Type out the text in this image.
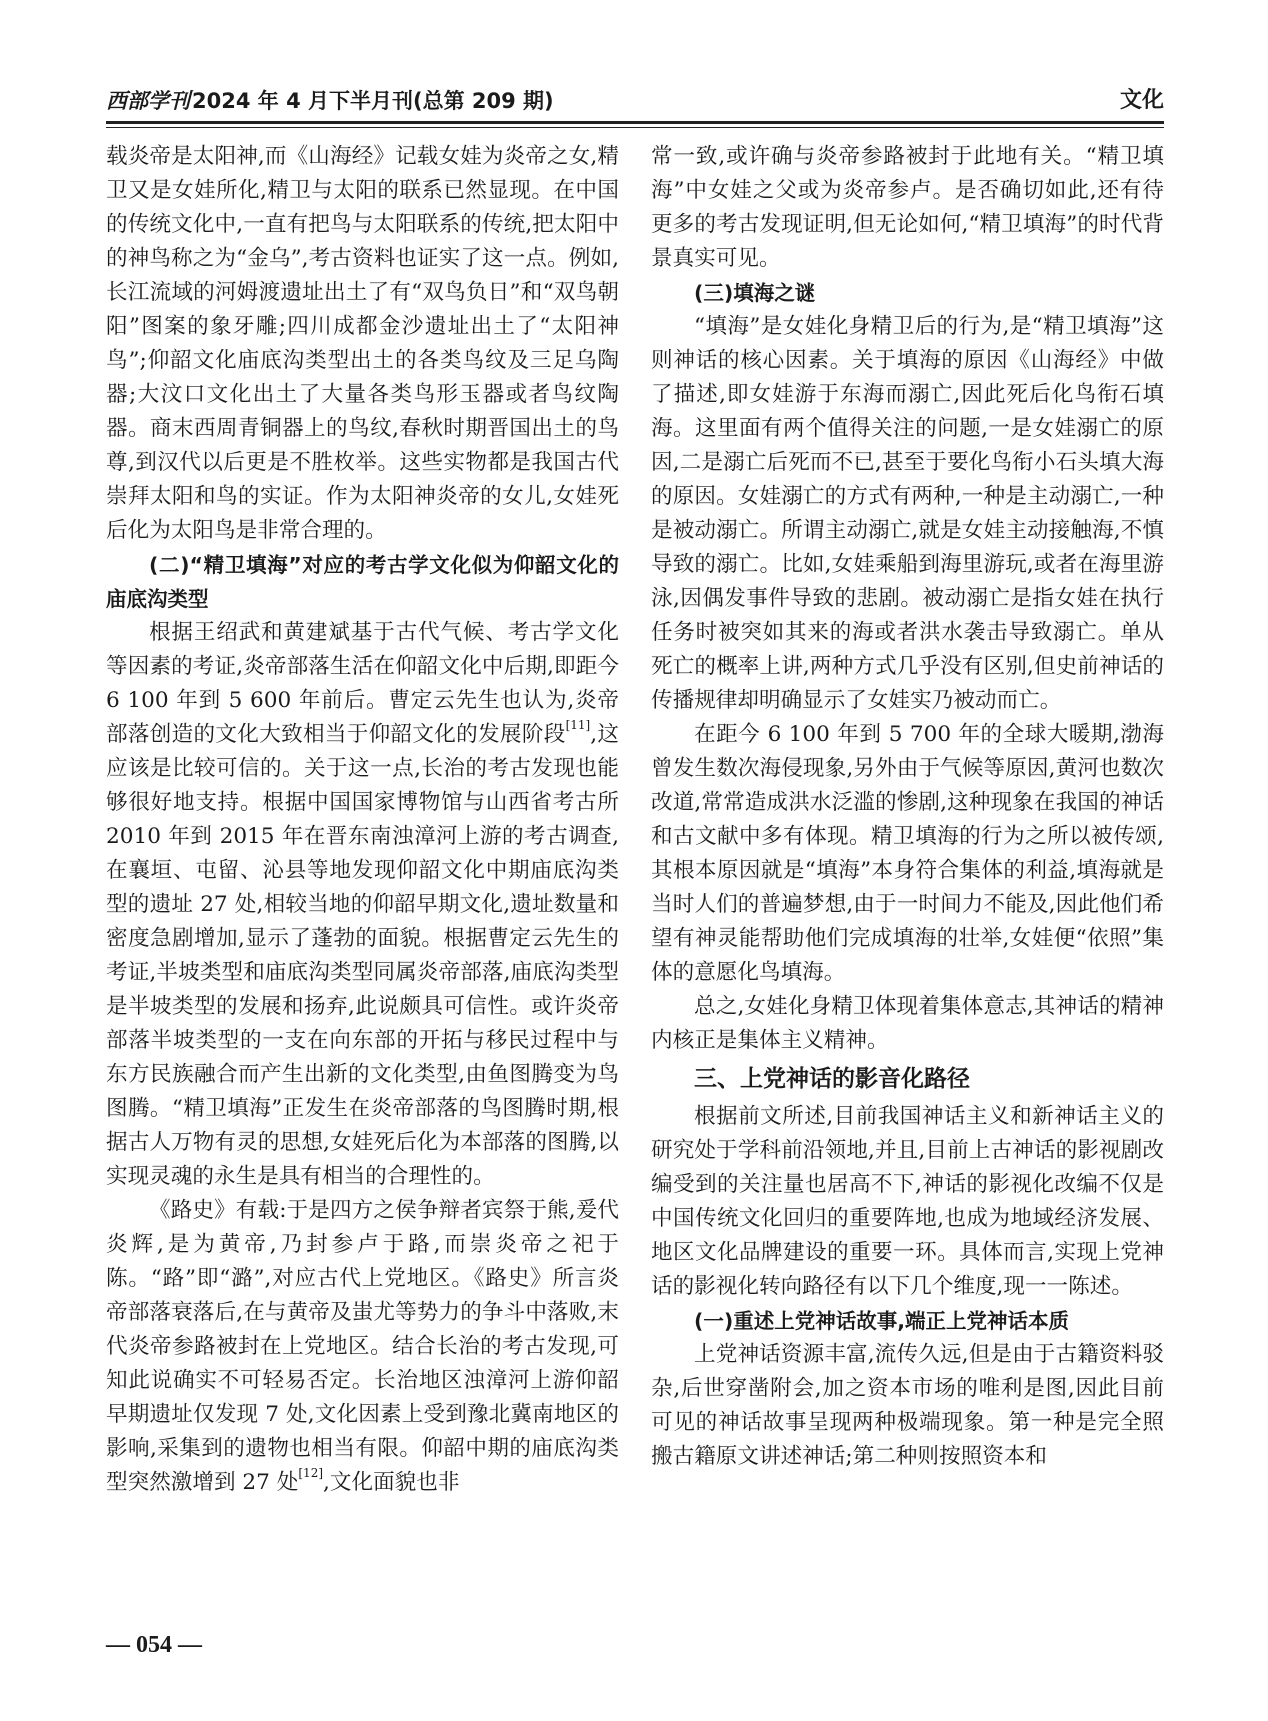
西部学刊2024 年 4 月下半月刊(总第 209 期)	文化

载炎帝是太阳神,而《山海经》记载女娃为炎帝之女,精卫又是女娃所化,精卫与太阳的联系已然显现。在中国的传统文化中,一直有把鸟与太阳联系的传统,把太阳中的神鸟称之为“金乌”,考古资料也证实了这一点。例如,长江流域的河姆渡遗址出土了有“双鸟负日”和“双鸟朝阳”图案的象牙雕;四川成都金沙遗址出土了“太阳神鸟”;仰韶文化庙底沟类型出土的各类鸟纹及三足乌陶器;大汶口文化出土了大量各类鸟形玉器或者鸟纹陶器。商末西周青铜器上的鸟纹,春秋时期晋国出土的鸟尊,到汉代以后更是不胜枚举。这些实物都是我国古代崇拜太阳和鸟的实证。作为太阳神炎帝的女儿,女娃死后化为太阳鸟是非常合理的。

(二)“精卫填海”对应的考古学文化似为仰韶文化的庙底沟类型

根据王绍武和黄建斌基于古代气候、考古学文化等因素的考证,炎帝部落生活在仰韶文化中后期,即距今 6 100 年到 5 600 年前后。曹定云先生也认为,炎帝部落创造的文化大致相当于仰韶文化的发展阶段[11],这应该是比较可信的。关于这一点,长治的考古发现也能够很好地支持。根据中国国家博物馆与山西省考古所 2010 年到 2015 年在晋东南浊漳河上游的考古调查,在襄垣、屯留、沁县等地发现仰韶文化中期庙底沟类型的遗址 27 处,相较当地的仰韶早期文化,遗址数量和密度急剧增加,显示了蓬勃的面貌。根据曹定云先生的考证,半坡类型和庙底沟类型同属炎帝部落,庙底沟类型是半坡类型的发展和扬弃,此说颇具可信性。或许炎帝部落半坡类型的一支在向东部的开拓与移民过程中与东方民族融合而产生出新的文化类型,由鱼图腾变为鸟图腾。“精卫填海”正发生在炎帝部落的鸟图腾时期,根据古人万物有灵的思想,女娃死后化为本部落的图腾,以实现灵魂的永生是具有相当的合理性的。

《路史》有载:于是四方之侯争辩者宾祭于熊,爰代炎辉,是为黄帝,乃封参卢于路,而崇炎帝之祀于陈。“路”即“潞”,对应古代上党地区。《路史》所言炎帝部落衰落后,在与黄帝及蚩尤等势力的争斗中落败,末代炎帝参路被封在上党地区。结合长治的考古发现,可知此说确实不可轻易否定。长治地区浊漳河上游仰韶早期遗址仅发现 7 处,文化因素上受到豫北冀南地区的影响,采集到的遗物也相当有限。仰韶中期的庙底沟类型突然激增到 27 处[12],文化面貌也非

常一致,或许确与炎帝参路被封于此地有关。“精卫填海”中女娃之父或为炎帝参卢。是否确切如此,还有待更多的考古发现证明,但无论如何,“精卫填海”的时代背景真实可见。

(三)填海之谜

“填海”是女娃化身精卫后的行为,是“精卫填海”这则神话的核心因素。关于填海的原因《山海经》中做了描述,即女娃游于东海而溺亡,因此死后化鸟衔石填海。这里面有两个值得关注的问题,一是女娃溺亡的原因,二是溺亡后死而不已,甚至于要化鸟衔小石头填大海的原因。女娃溺亡的方式有两种,一种是主动溺亡,一种是被动溺亡。所谓主动溺亡,就是女娃主动接触海,不慎导致的溺亡。比如,女娃乘船到海里游玩,或者在海里游泳,因偶发事件导致的悲剧。被动溺亡是指女娃在执行任务时被突如其来的海或者洪水袭击导致溺亡。单从死亡的概率上讲,两种方式几乎没有区别,但史前神话的传播规律却明确显示了女娃实乃被动而亡。

在距今 6 100 年到 5 700 年的全球大暖期,渤海曾发生数次海侵现象,另外由于气候等原因,黄河也数次改道,常常造成洪水泛滥的惨剧,这种现象在我国的神话和古文献中多有体现。精卫填海的行为之所以被传颂,其根本原因就是“填海”本身符合集体的利益,填海就是当时人们的普遍梦想,由于一时间力不能及,因此他们希望有神灵能帮助他们完成填海的壮举,女娃便“依照”集体的意愿化鸟填海。

总之,女娃化身精卫体现着集体意志,其神话的精神内核正是集体主义精神。

三、上党神话的影音化路径

根据前文所述,目前我国神话主义和新神话主义的研究处于学科前沿领地,并且,目前上古神话的影视剧改编受到的关注量也居高不下,神话的影视化改编不仅是中国传统文化回归的重要阵地,也成为地域经济发展、地区文化品牌建设的重要一环。具体而言,实现上党神话的影视化转向路径有以下几个维度,现一一陈述。

(一)重述上党神话故事,端正上党神话本质

上党神话资源丰富,流传久远,但是由于古籍资料驳杂,后世穿凿附会,加之资本市场的唯利是图,因此目前可见的神话故事呈现两种极端现象。第一种是完全照搬古籍原文讲述神话;第二种则按照资本和

— 054 —
